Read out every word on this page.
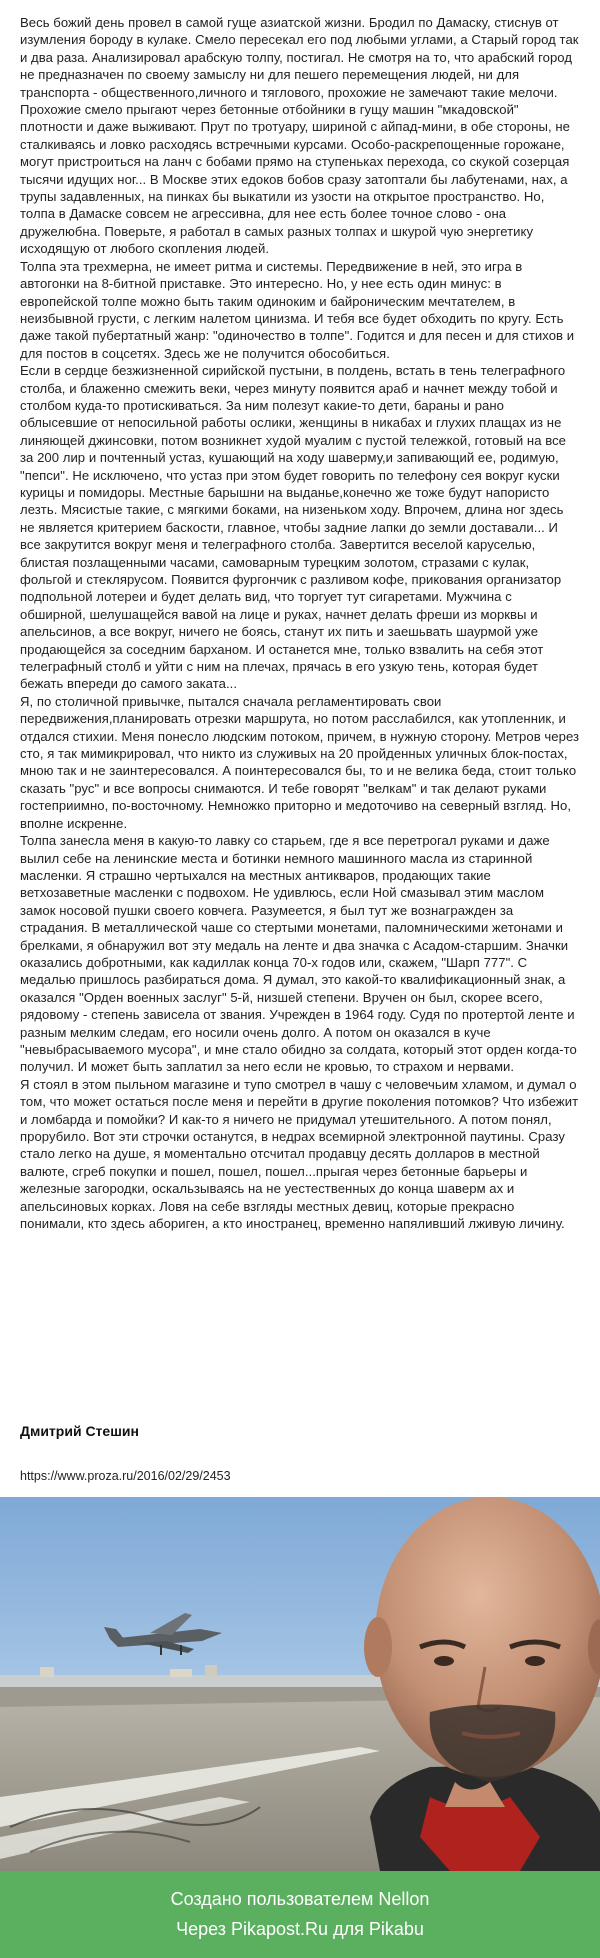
Весь божий день провел в самой гуще азиатской жизни. Бродил по Дамаску, стиснув от изумления бороду в кулаке. Смело пересекал его под любыми углами, а Старый город так и два раза. Анализировал арабскую толпу, постигал. Не смотря на то, что арабский город не предназначен по своему замыслу ни для пешего перемещения людей, ни для транспорта - общественного,личного и тяглового, прохожие не замечают такие мелочи. Прохожие смело прыгают через бетонные отбойники в гущу машин "мкадовской" плотности и даже выживают. Прут по тротуару, шириной с айпад-мини, в обе стороны, не сталкиваясь и ловко расходясь встречными курсами. Особо-раскрепощенные горожане, могут пристроиться на ланч с бобами прямо на ступеньках перехода, со скукой созерцая тысячи идущих ног... В Москве этих едоков бобов сразу затоптали бы лабутенами, нах, а трупы задавленных, на пинках бы выкатили из узости на открытое пространство. Но, толпа в Дамаске совсем не агрессивна, для нее есть более точное слово - она дружелюбна. Поверьте, я работал в самых разных толпах и шкурой чую энергетику исходящую от любого скопления людей.

Толпа эта трехмерна, не имеет ритма и системы. Передвижение в ней, это игра в автогонки на 8-битной приставке. Это интересно. Но, у нее есть один минус: в европейской толпе можно быть таким одиноким и байроническим мечтателем, в неизбывной грусти, с легким налетом цинизма. И тебя все будет обходить по кругу. Есть даже такой пубертатный жанр: "одиночество в толпе". Годится и для песен и для стихов и для постов в соцсетях. Здесь же не получится обособиться.

Если в сердце безжизненной сирийской пустыни, в полдень, встать в тень телеграфного столба, и блаженно смежить веки, через минуту появится араб и начнет между тобой и столбом куда-то протискиваться. За ним полезут какие-то дети, бараны и рано облысевшие от непосильной работы ослики, женщины в никабах и глухих плащах из не линяющей джинсовки, потом возникнет худой муалим с пустой тележкой, готовый на все за 200 лир и почтенный устаз, кушающий на ходу шаверму,и запивающий ее, родимую, "пепси". Не исключено, что устаз при этом будет говорить по телефону сея вокруг куски курицы и помидоры. Местные барышни на выданье,конечно же тоже будут напористо лезть. Мясистые такие, с мягкими боками, на низеньком ходу. Впрочем, длина ног здесь не является критерием баскости, главное, чтобы задние лапки до земли доставали... И все закрутится вокруг меня и телеграфного столба. Завертится веселой каруселью, блистая позлащенными часами, самоварным турецким золотом, стразами с кулак, фольгой и стеклярусом. Появится фургончик с разливом кофе, прикования организатор подпольной лотереи и будет делать вид, что торгует тут сигаретами. Мужчина с обширной, шелушащейся вавой на лице и руках, начнет делать фреши из морквы и апельсинов, а все вокруг, ничего не боясь, станут их пить и заешьвать шаурмой уже продающейся за соседним барханом. И останется мне, только взвалить на себя этот телеграфный столб и уйти с ним на плечах, прячась в его узкую тень, которая будет бежать впереди до самого заката...

Я, по столичной привычке, пытался сначала регламентировать свои передвижения,планировать отрезки маршрута, но потом расслабился, как утопленник, и отдался стихии. Меня понесло людским потоком, причем, в нужную сторону. Метров через сто, я так мимикрировал, что никто из служивых на 20 пройденных уличных блок-постах, мною так и не заинтересовался. А поинтересовался бы, то и не велика беда, стоит только сказать "рус" и все вопросы снимаются. И тебе говорят "велкам" и так делают руками гостеприимно, по-восточному. Немножко приторно и медоточиво на северный взгляд. Но, вполне искренне.

Толпа занесла меня в какую-то лавку со старьем, где я все перетрогал руками и даже вылил себе на ленинские места и ботинки немного машинного масла из старинной масленки. Я страшно чертыхался на местных антикваров, продающих такие ветхозаветные масленки с подвохом. Не удивлюсь, если Ной смазывал этим маслом замок носовой пушки своего ковчега. Разумеется, я был тут же вознагражден за страдания. В металлической чаше со стертыми монетами, паломническими жетонами и брелками, я обнаружил вот эту медаль на ленте и два значка с Асадом-старшим. Значки оказались добротными, как кадиллак конца 70-х годов или, скажем, "Шарп 777". С медалью пришлось разбираться дома. Я думал, это какой-то квалификационный знак, а оказался "Орден военных заслуг" 5-й, низшей степени. Вручен он был, скорее всего, рядовому - степень зависела от звания. Учрежден в 1964 году. Судя по протертой ленте и разным мелким следам, его носили очень долго. А потом он оказался в куче "невыбрасываемого мусора", и мне стало обидно за солдата, который этот орден когда-то получил. И может быть заплатил за него если не кровью, то страхом и нервами.

Я стоял в этом пыльном магазине и тупо смотрел в чашу с человечьим хламом, и думал о том, что может остаться после меня и перейти в другие поколения потомков? Что избежит и ломбарда и помойки? И как-то я ничего не придумал утешительного. А потом понял, прорубило. Вот эти строчки останутся, в недрах всемирной электронной паутины. Сразу стало легко на душе, я моментально отсчитал продавцу десять долларов в местной валюте, сгреб покупки и пошел, пошел, пошел...прыгая через бетонные барьеры и железные загородки, оскальзываясь на не уестественных до конца шаверм ах и апельсиновых корках. Ловя на себе взгляды местных девиц, которые прекрасно понимали, кто здесь абориген, а кто иностранец, временно напяливший лживую личину.

Дмитрий Стешин
https://www.proza.ru/2016/02/29/2453
Создано пользователем Nellon
Через Pikapost.Ru для Pikabu
